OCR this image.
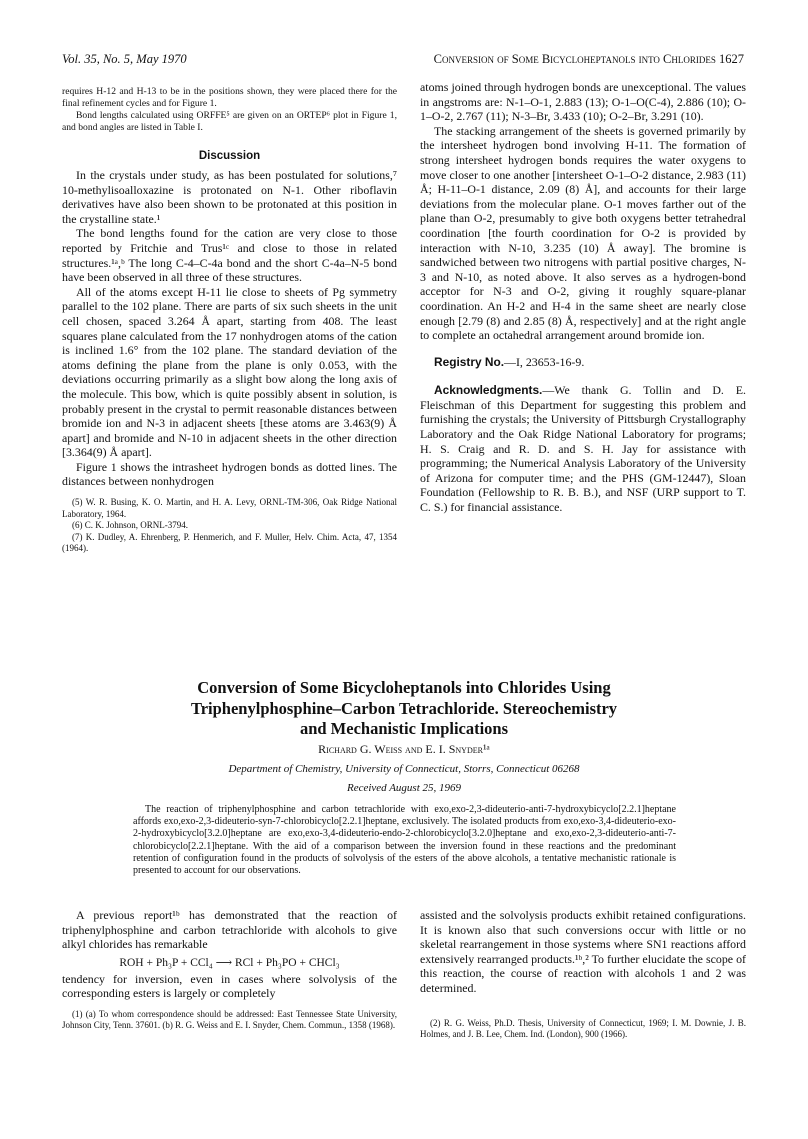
Vol. 35, No. 5, May 1970	Conversion of Some Bicycloheptanols into Chlorides 1627

requires H-12 and H-13 to be in the positions shown, they were placed there for the final refinement cycles and for Figure 1.

Bond lengths calculated using ORFFE⁵ are given on an ORTEP⁶ plot in Figure 1, and bond angles are listed in Table I.

Discussion

In the crystals under study, as has been postulated for solutions,⁷ 10-methylisoalloxazine is protonated on N-1. Other riboflavin derivatives have also been shown to be protonated at this position in the crystalline state.¹

The bond lengths found for the cation are very close to those reported by Fritchie and Trus¹ᶜ and close to those in related structures.¹ᵃ,ᵇ The long C-4–C-4a bond and the short C-4a–N-5 bond have been observed in all three of these structures.

All of the atoms except H-11 lie close to sheets of Pg symmetry parallel to the 102 plane. There are parts of six such sheets in the unit cell chosen, spaced 3.264 Å apart, starting from 408. The least squares plane calculated from the 17 nonhydrogen atoms of the cation is inclined 1.6° from the 102 plane. The standard deviation of the atoms defining the plane from the plane is only 0.053, with the deviations occurring primarily as a slight bow along the long axis of the molecule. This bow, which is quite possibly absent in solution, is probably present in the crystal to permit reasonable distances between bromide ion and N-3 in adjacent sheets [these atoms are 3.463(9) Å apart] and bromide and N-10 in adjacent sheets in the other direction [3.364(9) Å apart].

Figure 1 shows the intrasheet hydrogen bonds as dotted lines. The distances between nonhydrogen

(5) W. R. Busing, K. O. Martin, and H. A. Levy, ORNL-TM-306, Oak Ridge National Laboratory, 1964.

(6) C. K. Johnson, ORNL-3794.

(7) K. Dudley, A. Ehrenberg, P. Henmerich, and F. Muller, Helv. Chim. Acta, 47, 1354 (1964).

atoms joined through hydrogen bonds are unexceptional. The values in angstroms are: N-1–O-1, 2.883 (13); O-1–O(C-4), 2.886 (10); O-1–O-2, 2.767 (11); N-3–Br, 3.433 (10); O-2–Br, 3.291 (10).

The stacking arrangement of the sheets is governed primarily by the intersheet hydrogen bond involving H-11. The formation of strong intersheet hydrogen bonds requires the water oxygens to move closer to one another [intersheet O-1–O-2 distance, 2.983 (11) Å; H-11–O-1 distance, 2.09 (8) Å], and accounts for their large deviations from the molecular plane. O-1 moves farther out of the plane than O-2, presumably to give both oxygens better tetrahedral coordination [the fourth coordination for O-2 is provided by interaction with N-10, 3.235 (10) Å away]. The bromine is sandwiched between two nitrogens with partial positive charges, N-3 and N-10, as noted above. It also serves as a hydrogen-bond acceptor for N-3 and O-2, giving it roughly square-planar coordination. An H-2 and H-4 in the same sheet are nearly close enough [2.79 (8) and 2.85 (8) Å, respectively] and at the right angle to complete an octahedral arrangement around bromide ion.

Registry No.—I, 23653-16-9.

Acknowledgments.—We thank G. Tollin and D. E. Fleischman of this Department for suggesting this problem and furnishing the crystals; the University of Pittsburgh Crystallography Laboratory and the Oak Ridge National Laboratory for programs; H. S. Craig and R. D. and S. H. Jay for assistance with programming; the Numerical Analysis Laboratory of the University of Arizona for computer time; and the PHS (GM-12447), Sloan Foundation (Fellowship to R. B. B.), and NSF (URP support to T. C. S.) for financial assistance.

Conversion of Some Bicycloheptanols into Chlorides Using
Triphenylphosphine–Carbon Tetrachloride. Stereochemistry
and Mechanistic Implications
Richard G. Weiss and E. I. Snyder¹ᵃ
Department of Chemistry, University of Connecticut, Storrs, Connecticut 06268
Received August 25, 1969
The reaction of triphenylphosphine and carbon tetrachloride with exo,exo-2,3-dideuterio-anti-7-hydroxybicyclo[2.2.1]heptane affords exo,exo-2,3-dideuterio-syn-7-chlorobicyclo[2.2.1]heptane, exclusively. The isolated products from exo,exo-3,4-dideuterio-exo-2-hydroxybicyclo[3.2.0]heptane are exo,exo-3,4-dideuterio-endo-2-chlorobicyclo[3.2.0]heptane and exo,exo-2,3-dideuterio-anti-7-chlorobicyclo[2.2.1]heptane. With the aid of a comparison between the inversion found in these reactions and the predominant retention of configuration found in the products of solvolysis of the esters of the above alcohols, a tentative mechanistic rationale is presented to account for our observations.

A previous report¹ᵇ has demonstrated that the reaction of triphenylphosphine and carbon tetrachloride with alcohols to give alkyl chlorides has remarkable

ROH + Ph₃P + CCl₄ ⟶ RCl + Ph₃PO + CHCl₃

tendency for inversion, even in cases where solvolysis of the corresponding esters is largely or completely

(1) (a) To whom correspondence should be addressed: East Tennessee State University, Johnson City, Tenn. 37601. (b) R. G. Weiss and E. I. Snyder, Chem. Commun., 1358 (1968).

assisted and the solvolysis products exhibit retained configurations. It is known also that such conversions occur with little or no skeletal rearrangement in those systems where SN1 reactions afford extensively rearranged products.¹ᵇ,² To further elucidate the scope of this reaction, the course of reaction with alcohols 1 and 2 was determined.

(2) R. G. Weiss, Ph.D. Thesis, University of Connecticut, 1969; I. M. Downie, J. B. Holmes, and J. B. Lee, Chem. Ind. (London), 900 (1966).
